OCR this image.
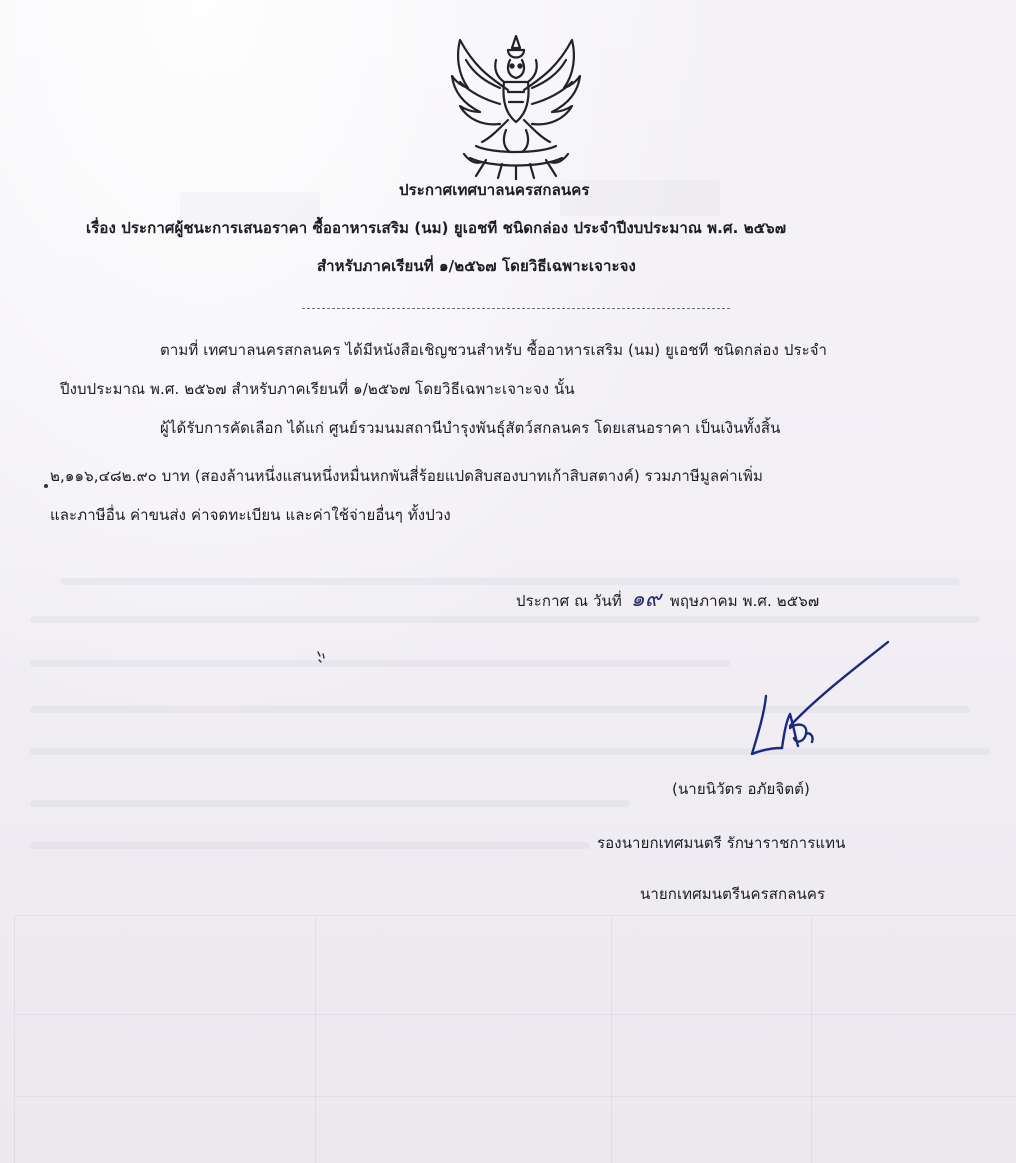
ประกาศเทศบาลนครสกลนคร
เรื่อง ประกาศผู้ชนะการเสนอราคา ซื้ออาหารเสริม (นม) ยูเอชที ชนิดกล่อง ประจำปีงบประมาณ พ.ศ. ๒๕๖๗
สำหรับภาคเรียนที่ ๑/๒๕๖๗ โดยวิธีเฉพาะเจาะจง
ตามที่ เทศบาลนครสกลนคร ได้มีหนังสือเชิญชวนสำหรับ ซื้ออาหารเสริม (นม) ยูเอชที ชนิดกล่อง ประจำ
ปีงบประมาณ พ.ศ. ๒๕๖๗ สำหรับภาคเรียนที่ ๑/๒๕๖๗ โดยวิธีเฉพาะเจาะจง นั้น
ผู้ได้รับการคัดเลือก ได้แก่ ศูนย์รวมนมสถานีบำรุงพันธุ์สัตว์สกลนคร โดยเสนอราคา เป็นเงินทั้งสิ้น
๒,๑๑๖,๔๘๒.๙๐ บาท (สองล้านหนึ่งแสนหนึ่งหมื่นหกพันสี่ร้อยแปดสิบสองบาทเก้าสิบสตางค์) รวมภาษีมูลค่าเพิ่ม
และภาษีอื่น ค่าขนส่ง ค่าจดทะเบียน และค่าใช้จ่ายอื่นๆ ทั้งปวง
ประกาศ ณ วันที่ ๑๙ พฤษภาคม พ.ศ. ๒๕๖๗
(นายนิวัตร อภัยจิตต์)
รองนายกเทศมนตรี รักษาราชการแทน
นายกเทศมนตรีนครสกลนคร
